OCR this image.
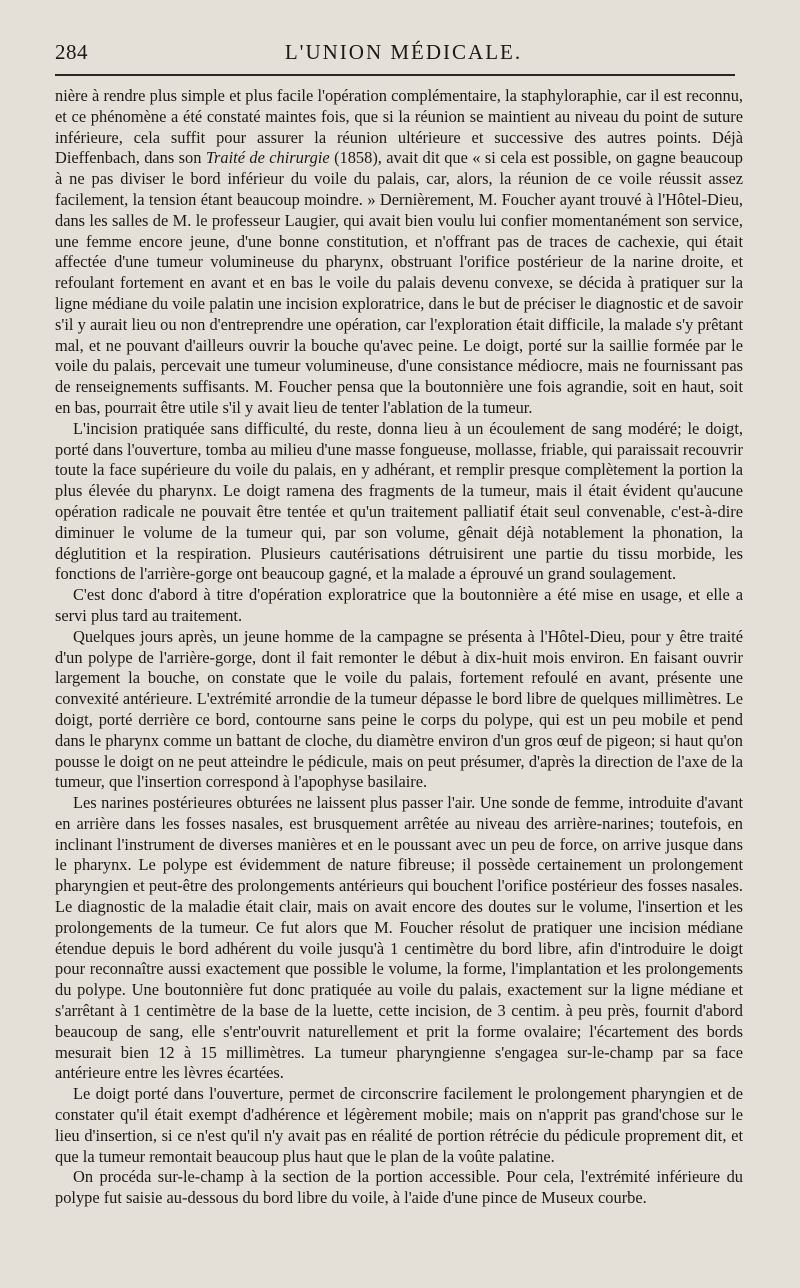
284	L'UNION MÉDICALE.

nière à rendre plus simple et plus facile l'opération complémentaire, la staphyloraphie, car il est reconnu, et ce phénomène a été constaté maintes fois, que si la réunion se maintient au niveau du point de suture inférieure, cela suffit pour assurer la réunion ultérieure et successive des autres points. Déjà Dieffenbach, dans son Traité de chirurgie (1858), avait dit que « si cela est possible, on gagne beaucoup à ne pas diviser le bord inférieur du voile du palais, car, alors, la réunion de ce voile réussit assez facilement, la tension étant beaucoup moindre. » Dernièrement, M. Foucher ayant trouvé à l'Hôtel-Dieu, dans les salles de M. le professeur Laugier, qui avait bien voulu lui confier momentanément son service, une femme encore jeune, d'une bonne constitution, et n'offrant pas de traces de cachexie, qui était affectée d'une tumeur volumineuse du pharynx, obstruant l'orifice postérieur de la narine droite, et refoulant fortement en avant et en bas le voile du palais devenu convexe, se décida à pratiquer sur la ligne médiane du voile palatin une incision exploratrice, dans le but de préciser le diagnostic et de savoir s'il y aurait lieu ou non d'entreprendre une opération, car l'exploration était difficile, la malade s'y prêtant mal, et ne pouvant d'ailleurs ouvrir la bouche qu'avec peine. Le doigt, porté sur la saillie formée par le voile du palais, percevait une tumeur volumineuse, d'une consistance médiocre, mais ne fournissant pas de renseignements suffisants. M. Foucher pensa que la boutonnière une fois agrandie, soit en haut, soit en bas, pourrait être utile s'il y avait lieu de tenter l'ablation de la tumeur.

L'incision pratiquée sans difficulté, du reste, donna lieu à un écoulement de sang modéré; le doigt, porté dans l'ouverture, tomba au milieu d'une masse fongueuse, mollasse, friable, qui paraissait recouvrir toute la face supérieure du voile du palais, en y adhérant, et remplir presque complètement la portion la plus élevée du pharynx. Le doigt ramena des fragments de la tumeur, mais il était évident qu'aucune opération radicale ne pouvait être tentée et qu'un traitement palliatif était seul convenable, c'est-à-dire diminuer le volume de la tumeur qui, par son volume, gênait déjà notablement la phonation, la déglutition et la respiration. Plusieurs cautérisations détruisirent une partie du tissu morbide, les fonctions de l'arrière-gorge ont beaucoup gagné, et la malade a éprouvé un grand soulagement.

C'est donc d'abord à titre d'opération exploratrice que la boutonnière a été mise en usage, et elle a servi plus tard au traitement.

Quelques jours après, un jeune homme de la campagne se présenta à l'Hôtel-Dieu, pour y être traité d'un polype de l'arrière-gorge, dont il fait remonter le début à dix-huit mois environ. En faisant ouvrir largement la bouche, on constate que le voile du palais, fortement refoulé en avant, présente une convexité antérieure. L'extrémité arrondie de la tumeur dépasse le bord libre de quelques millimètres. Le doigt, porté derrière ce bord, contourne sans peine le corps du polype, qui est un peu mobile et pend dans le pharynx comme un battant de cloche, du diamètre environ d'un gros œuf de pigeon; si haut qu'on pousse le doigt on ne peut atteindre le pédicule, mais on peut présumer, d'après la direction de l'axe de la tumeur, que l'insertion correspond à l'apophyse basilaire.

Les narines postérieures obturées ne laissent plus passer l'air. Une sonde de femme, introduite d'avant en arrière dans les fosses nasales, est brusquement arrêtée au niveau des arrière-narines; toutefois, en inclinant l'instrument de diverses manières et en le poussant avec un peu de force, on arrive jusque dans le pharynx. Le polype est évidemment de nature fibreuse; il possède certainement un prolongement pharyngien et peut-être des prolongements antérieurs qui bouchent l'orifice postérieur des fosses nasales. Le diagnostic de la maladie était clair, mais on avait encore des doutes sur le volume, l'insertion et les prolongements de la tumeur. Ce fut alors que M. Foucher résolut de pratiquer une incision médiane étendue depuis le bord adhérent du voile jusqu'à 1 centimètre du bord libre, afin d'introduire le doigt pour reconnaître aussi exactement que possible le volume, la forme, l'implantation et les prolongements du polype. Une boutonnière fut donc pratiquée au voile du palais, exactement sur la ligne médiane et s'arrêtant à 1 centimètre de la base de la luette, cette incision, de 3 centim. à peu près, fournit d'abord beaucoup de sang, elle s'entr'ouvrit naturellement et prit la forme ovalaire; l'écartement des bords mesurait bien 12 à 15 millimètres. La tumeur pharyngienne s'engagea sur-le-champ par sa face antérieure entre les lèvres écartées.

Le doigt porté dans l'ouverture, permet de circonscrire facilement le prolongement pharyngien et de constater qu'il était exempt d'adhérence et légèrement mobile; mais on n'apprit pas grand'chose sur le lieu d'insertion, si ce n'est qu'il n'y avait pas en réalité de portion rétrécie du pédicule proprement dit, et que la tumeur remontait beaucoup plus haut que le plan de la voûte palatine.

On procéda sur-le-champ à la section de la portion accessible. Pour cela, l'extrémité inférieure du polype fut saisie au-dessous du bord libre du voile, à l'aide d'une pince de Museux courbe.
